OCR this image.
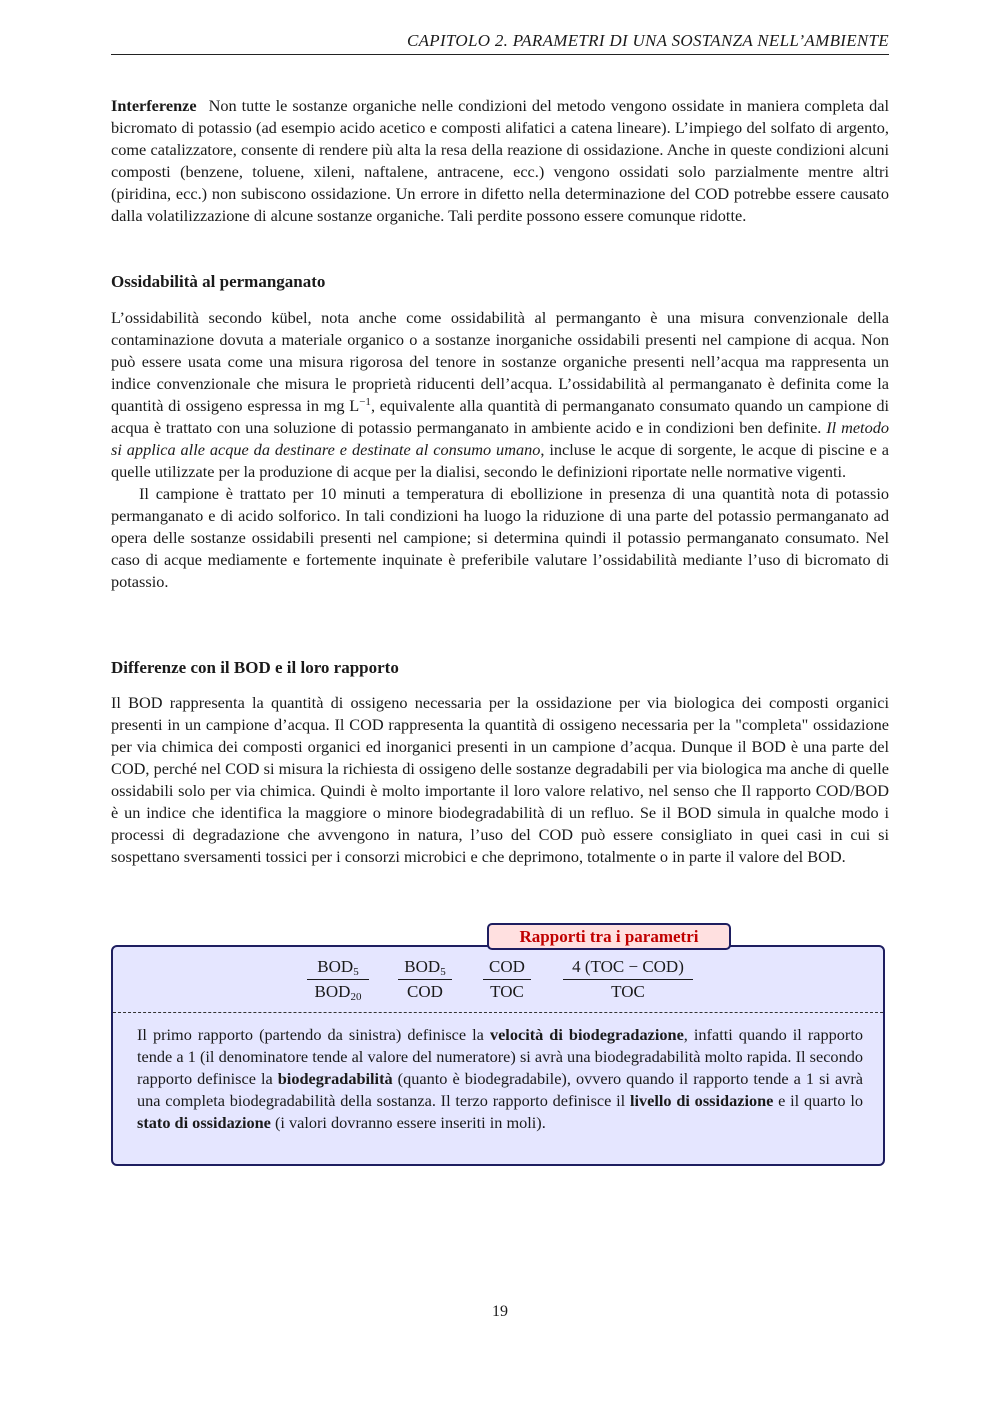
CAPITOLO 2. PARAMETRI DI UNA SOSTANZA NELL’AMBIENTE

Interferenze Non tutte le sostanze organiche nelle condizioni del metodo vengono ossidate in maniera completa dal bicromato di potassio (ad esempio acido acetico e composti alifatici a catena lineare). L’impiego del solfato di argento, come catalizzatore, consente di rendere più alta la resa della reazione di ossidazione. Anche in queste condizioni alcuni composti (benzene, toluene, xileni, naftalene, antracene, ecc.) vengono ossidati solo parzialmente mentre altri (piridina, ecc.) non subiscono ossidazione. Un errore in difetto nella determinazione del COD potrebbe essere causato dalla volatilizzazione di alcune sostanze organiche. Tali perdite possono essere comunque ridotte.

Ossidabilità al permanganato

L’ossidabilità secondo kübel, nota anche come ossidabilità al permanganto è una misura convenzionale della contaminazione dovuta a materiale organico o a sostanze inorganiche ossidabili presenti nel campione di acqua. Non può essere usata come una misura rigorosa del tenore in sostanze organiche presenti nell’acqua ma rappresenta un indice convenzionale che misura le proprietà riducenti dell’acqua. L’ossidabilità al permanganato è definita come la quantità di ossigeno espressa in mg $L^{-1}$, equivalente alla quantità di permanganato consumato quando un campione di acqua è trattato con una soluzione di potassio permanganato in ambiente acido e in condizioni ben definite. Il metodo si applica alle acque da destinare e destinate al consumo umano, incluse le acque di sorgente, le acque di piscine e a quelle utilizzate per la produzione di acque per la dialisi, secondo le definizioni riportate nelle normative vigenti.

Il campione è trattato per 10 minuti a temperatura di ebollizione in presenza di una quantità nota di potassio permanganato e di acido solforico. In tali condizioni ha luogo la riduzione di una parte del potassio permanganato ad opera delle sostanze ossidabili presenti nel campione; si determina quindi il potassio permanganato consumato. Nel caso di acque mediamente e fortemente inquinate è preferibile valutare l’ossidabilità mediante l’uso di bicromato di potassio.

Differenze con il BOD e il loro rapporto

Il BOD rappresenta la quantità di ossigeno necessaria per la ossidazione per via biologica dei composti organici presenti in un campione d’acqua. Il COD rappresenta la quantità di ossigeno necessaria per la "completa" ossidazione per via chimica dei composti organici ed inorganici presenti in un campione d’acqua. Dunque il BOD è una parte del COD, perché nel COD si misura la richiesta di ossigeno delle sostanze degradabili per via biologica ma anche di quelle ossidabili solo per via chimica. Quindi è molto importante il loro valore relativo, nel senso che Il rapporto COD/BOD è un indice che identifica la maggiore o minore biodegradabilità di un refluo. Se il BOD simula in qualche modo i processi di degradazione che avvengono in natura, l’uso del COD può essere consigliato in quei casi in cui si sospettano sversamenti tossici per i consorzi microbici e che deprimono, totalmente o in parte il valore del BOD.

Rapporti tra i parametri
$BOD_5$
$BOD_{20}$
$BOD_5$
COD
COD
TOC
4 (TOC − COD)
TOC
Il primo rapporto (partendo da sinistra) definisce la velocità di biodegradazione, infatti quando il rapporto tende a 1 (il denominatore tende al valore del numeratore) si avrà una biodegradabilità molto rapida. Il secondo rapporto definisce la biodegradabilità (quanto è biodegradabile), ovvero quando il rapporto tende a 1 si avrà una completa biodegradabilità della sostanza. Il terzo rapporto definisce il livello di ossidazione e il quarto lo stato di ossidazione (i valori dovranno essere inseriti in moli).
19
